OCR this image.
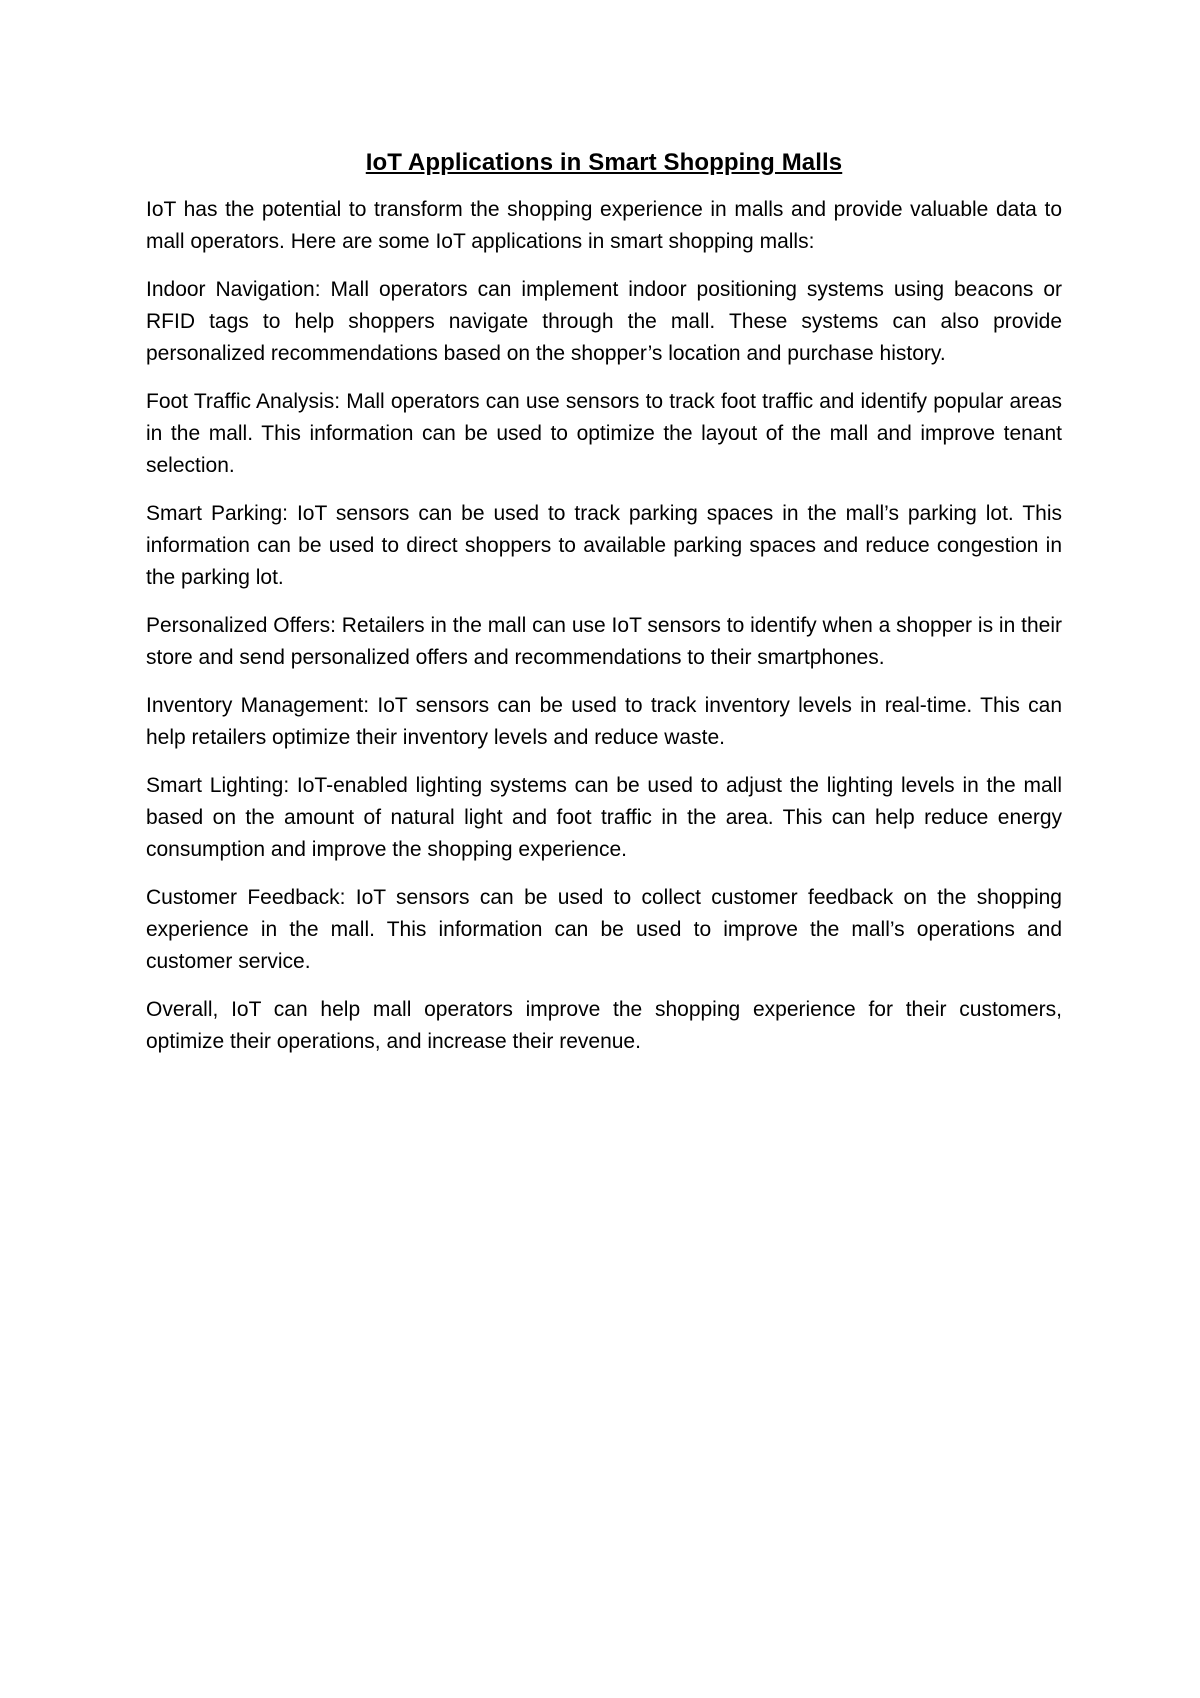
IoT Applications in Smart Shopping Malls

IoT has the potential to transform the shopping experience in malls and provide valuable data to mall operators. Here are some IoT applications in smart shopping malls:

Indoor Navigation: Mall operators can implement indoor positioning systems using beacons or RFID tags to help shoppers navigate through the mall. These systems can also provide personalized recommendations based on the shopper’s location and purchase history.

Foot Traffic Analysis: Mall operators can use sensors to track foot traffic and identify popular areas in the mall. This information can be used to optimize the layout of the mall and improve tenant selection.

Smart Parking: IoT sensors can be used to track parking spaces in the mall’s parking lot. This information can be used to direct shoppers to available parking spaces and reduce congestion in the parking lot.

Personalized Offers: Retailers in the mall can use IoT sensors to identify when a shopper is in their store and send personalized offers and recommendations to their smartphones.

Inventory Management: IoT sensors can be used to track inventory levels in real-time. This can help retailers optimize their inventory levels and reduce waste.

Smart Lighting: IoT-enabled lighting systems can be used to adjust the lighting levels in the mall based on the amount of natural light and foot traffic in the area. This can help reduce energy consumption and improve the shopping experience.

Customer Feedback: IoT sensors can be used to collect customer feedback on the shopping experience in the mall. This information can be used to improve the mall’s operations and customer service.

Overall, IoT can help mall operators improve the shopping experience for their customers, optimize their operations, and increase their revenue.
